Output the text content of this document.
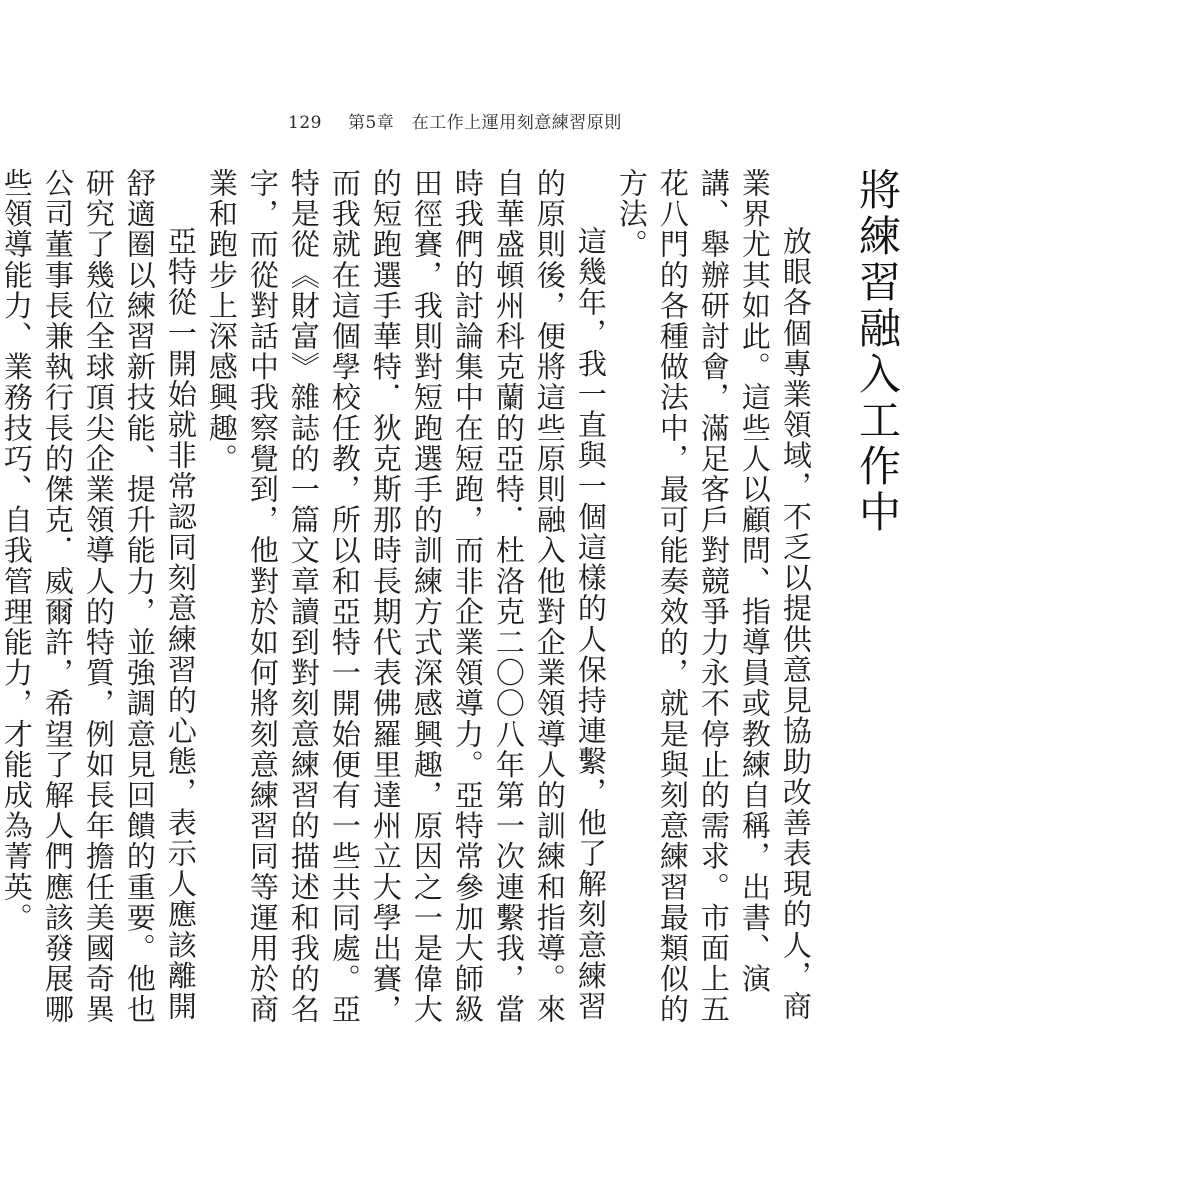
129 第5章　在工作上運用刻意練習原則
將練習融入工作中

放眼各個專業領域，不乏以提供意見協助改善表現的人，商業界尤其如此。這些人以顧問、指導員或教練自稱，出書、演講、舉辦研討會，滿足客戶對競爭力永不停止的需求。市面上五花八門的各種做法中，最可能奏效的，就是與刻意練習最類似的方法。

這幾年，我一直與一個這樣的人保持連繫，他了解刻意練習的原則後，便將這些原則融入他對企業領導人的訓練和指導。來自華盛頓州科克蘭的亞特．杜洛克二〇〇八年第一次連繫我，當時我們的討論集中在短跑，而非企業領導力。亞特常參加大師級田徑賽，我則對短跑選手的訓練方式深感興趣，原因之一是偉大的短跑選手華特．狄克斯那時長期代表佛羅里達州立大學出賽，而我就在這個學校任教，所以和亞特一開始便有一些共同處。亞特是從《財富》雜誌的一篇文章讀到對刻意練習的描述和我的名字，而從對話中我察覺到，他對於如何將刻意練習同等運用於商業和跑步上深感興趣。

亞特從一開始就非常認同刻意練習的心態，表示人應該離開舒適圈以練習新技能、提升能力，並強調意見回饋的重要。他也研究了幾位全球頂尖企業領導人的特質，例如長年擔任美國奇異公司董事長兼執行長的傑克．威爾許，希望了解人們應該發展哪些領導能力、業務技巧、自我管理能力，才能成為菁英。
